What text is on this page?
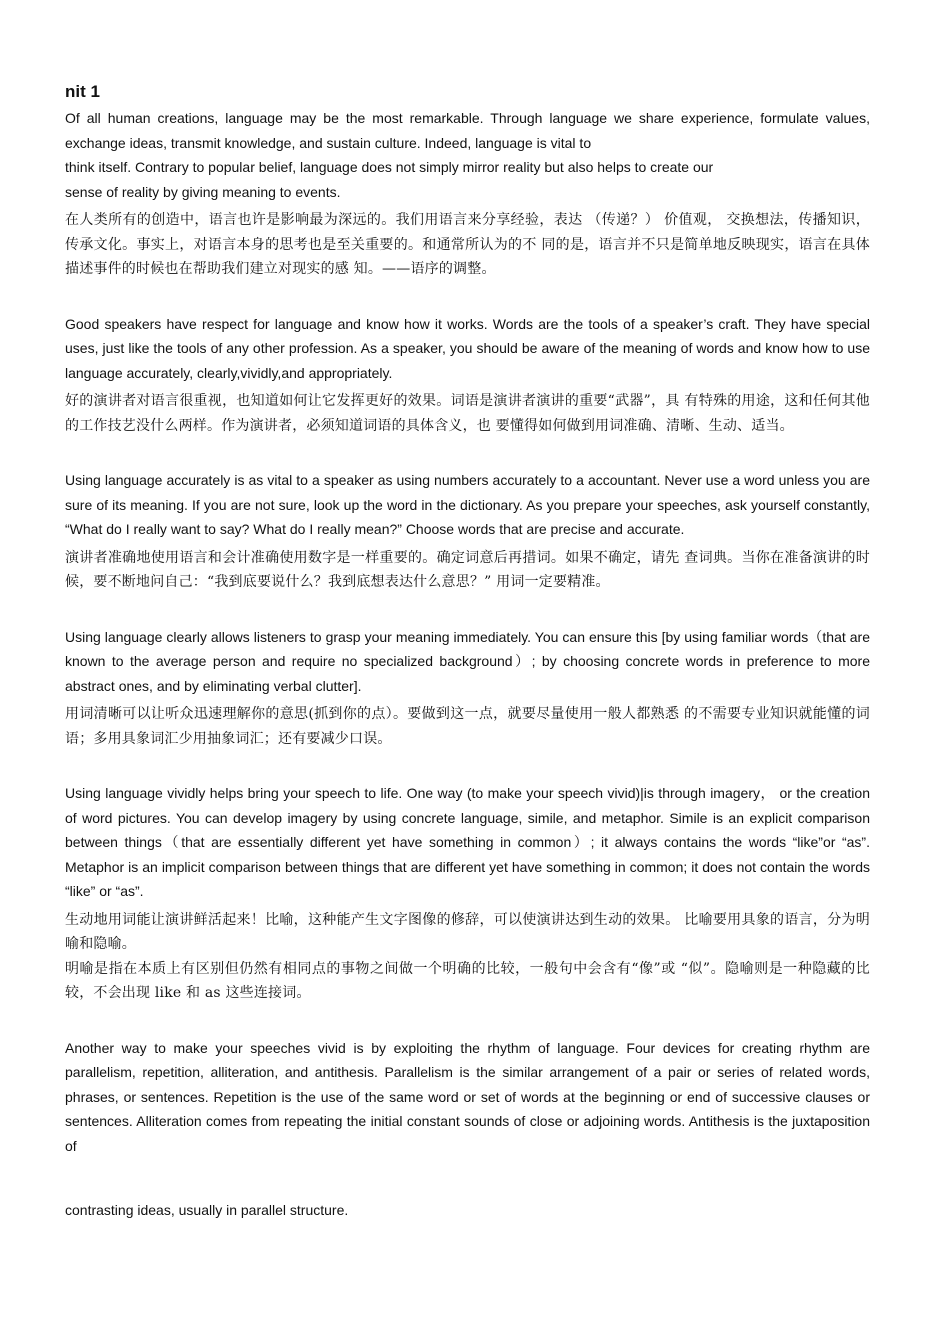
nit 1

Of all human creations, language may be the most remarkable. Through language we share experience, formulate values, exchange ideas, transmit knowledge, and sustain culture. Indeed, language is vital to
think itself. Contrary to popular belief, language does not simply mirror reality but also helps to create our
sense of reality by giving meaning to events.

在人类所有的创造中，语言也许是影响最为深远的。我们用语言来分享经验，表达 （传递？） 价值观， 交换想法，传播知识，传承文化。事实上，对语言本身的思考也是至关重要的。和通常所认为的不 同的是，语言并不只是简单地反映现实，语言在具体描述事件的时候也在帮助我们建立对现实的感 知。——语序的调整。

Good speakers have respect for language and know how it works. Words are the tools of a speaker’s craft. They have special uses, just like the tools of any other profession. As a speaker, you should be aware of the meaning of words and know how to use language accurately, clearly,vividly,and appropriately.

好的演讲者对语言很重视，也知道如何让它发挥更好的效果。词语是演讲者演讲的重要“武器”，具 有特殊的用途，这和任何其他的工作技艺没什么两样。作为演讲者，必须知道词语的具体含义，也 要懂得如何做到用词准确、清晰、生动、适当。

Using language accurately is as vital to a speaker as using numbers accurately to a accountant. Never use a word unless you are sure of its meaning. If you are not sure, look up the word in the dictionary. As you prepare your speeches, ask yourself constantly, “What do I really want to say? What do I really mean?” Choose words that are precise and accurate.

演讲者准确地使用语言和会计准确使用数字是一样重要的。确定词意后再措词。如果不确定，请先 查词典。当你在准备演讲的时候，要不断地问自己：“我到底要说什么？我到底想表达什么意思？” 用词一定要精准。

Using language clearly allows listeners to grasp your meaning immediately. You can ensure this [by using familiar words（that are known to the average person and require no specialized background）; by choosing concrete words in preference to more abstract ones, and by eliminating verbal clutter].

用词清晰可以让听众迅速理解你的意思(抓到你的点）。要做到这一点，就要尽量使用一般人都熟悉 的不需要专业知识就能懂的词语；多用具象词汇少用抽象词汇；还有要减少口误。

Using language vividly helps bring your speech to life. One way (to make your speech vivid)|is through imagery， or the creation of word pictures. You can develop imagery by using concrete language, simile, and metaphor. Simile is an explicit comparison between things（that are essentially different yet have something in common）; it always contains the words “like”or “as”. Metaphor is an implicit comparison between things that are different yet have something in common; it does not contain the words “like” or “as”.

生动地用词能让演讲鲜活起来！比喻，这种能产生文字图像的修辞，可以使演讲达到生动的效果。 比喻要用具象的语言，分为明喻和隐喻。

明喻是指在本质上有区别但仍然有相同点的事物之间做一个明确的比较，一般句中会含有“像”或 “似”。隐喻则是一种隐藏的比较，不会出现 like 和 as 这些连接词。

Another way to make your speeches vivid is by exploiting the rhythm of language. Four devices for creating rhythm are parallelism, repetition, alliteration, and antithesis. Parallelism is the similar arrangement of a pair or series of related words, phrases, or sentences. Repetition is the use of the same word or set of words at the beginning or end of successive clauses or sentences. Alliteration comes from repeating the initial constant sounds of close or adjoining words. Antithesis is the juxtaposition of

contrasting ideas, usually in parallel structure.
